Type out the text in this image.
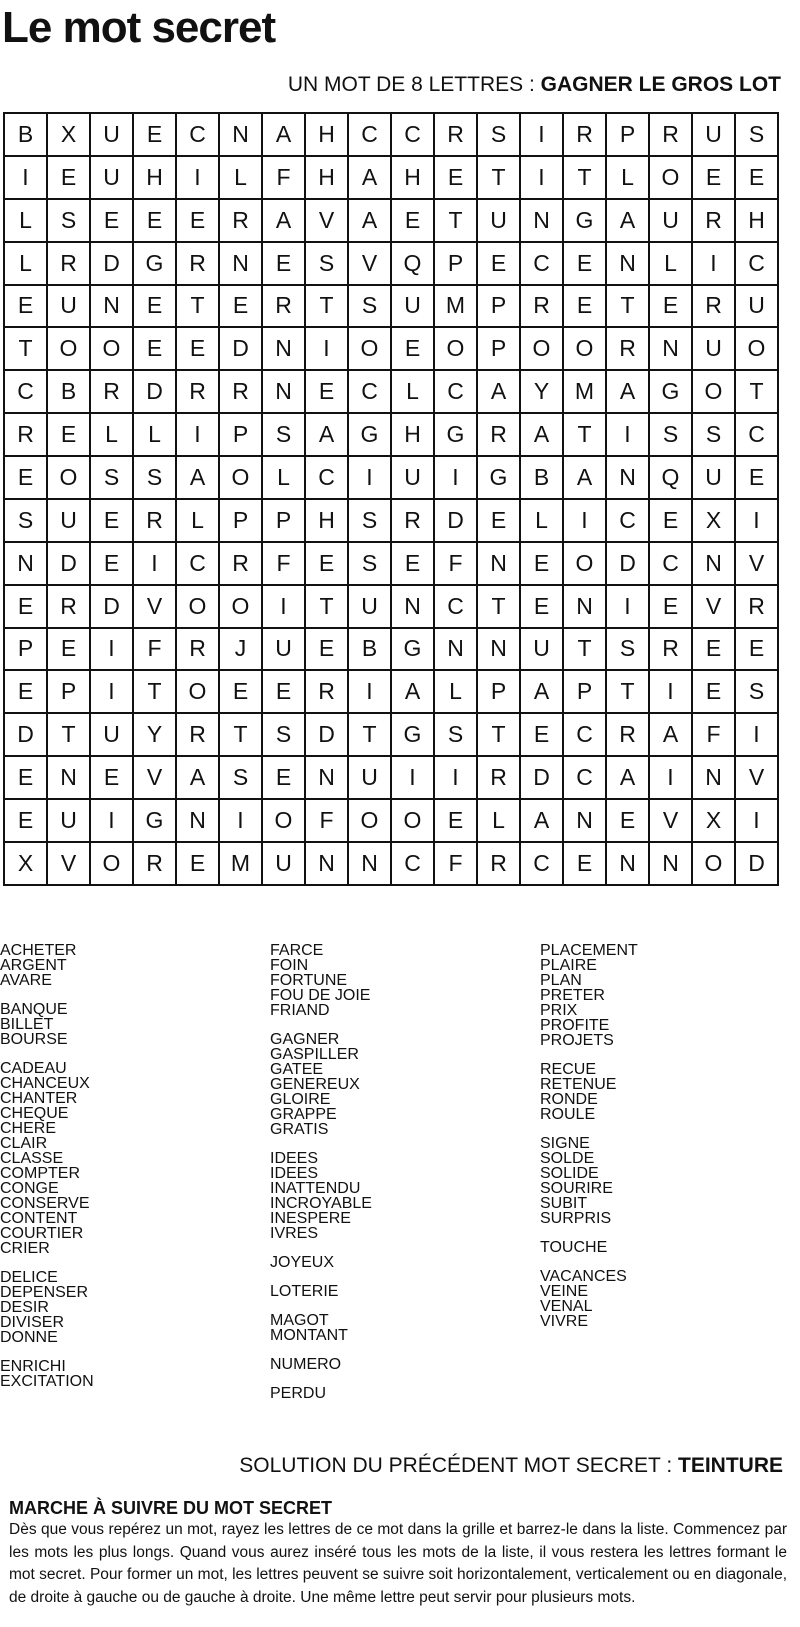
Le mot secret
UN MOT DE 8 LETTRES : GAGNER LE GROS LOT
B	X	U	E	C	N	A	H	C	C	R	S	I	R	P	R	U	S
I	E	U	H	I	L	F	H	A	H	E	T	I	T	L	O	E	E
L	S	E	E	E	R	A	V	A	E	T	U	N	G	A	U	R	H
L	R	D	G	R	N	E	S	V	Q	P	E	C	E	N	L	I	C
E	U	N	E	T	E	R	T	S	U	M	P	R	E	T	E	R	U
T	O	O	E	E	D	N	I	O	E	O	P	O	O	R	N	U	O
C	B	R	D	R	R	N	E	C	L	C	A	Y	M	A	G	O	T
R	E	L	L	I	P	S	A	G	H	G	R	A	T	I	S	S	C
E	O	S	S	A	O	L	C	I	U	I	G	B	A	N	Q	U	E
S	U	E	R	L	P	P	H	S	R	D	E	L	I	C	E	X	I
N	D	E	I	C	R	F	E	S	E	F	N	E	O	D	C	N	V
E	R	D	V	O	O	I	T	U	N	C	T	E	N	I	E	V	R
P	E	I	F	R	J	U	E	B	G	N	N	U	T	S	R	E	E
E	P	I	T	O	E	E	R	I	A	L	P	A	P	T	I	E	S
D	T	U	Y	R	T	S	D	T	G	S	T	E	C	R	A	F	I
E	N	E	V	A	S	E	N	U	I	I	R	D	C	A	I	N	V
E	U	I	G	N	I	O	F	O	O	E	L	A	N	E	V	X	I
X	V	O	R	E	M	U	N	N	C	F	R	C	E	N	N	O	D
ACHETER
ARGENT
AVARE
BANQUE
BILLET
BOURSE
CADEAU
CHANCEUX
CHANTER
CHEQUE
CHERE
CLAIR
CLASSE
COMPTER
CONGE
CONSERVE
CONTENT
COURTIER
CRIER
DELICE
DEPENSER
DESIR
DIVISER
DONNE
ENRICHI
EXCITATION
FARCE
FOIN
FORTUNE
FOU DE JOIE
FRIAND
GAGNER
GASPILLER
GATEE
GENEREUX
GLOIRE
GRAPPE
GRATIS
IDEES
IDEES
INATTENDU
INCROYABLE
INESPERE
IVRES
JOYEUX
LOTERIE
MAGOT
MONTANT
NUMERO
PERDU
PLACEMENT
PLAIRE
PLAN
PRETER
PRIX
PROFITE
PROJETS
RECUE
RETENUE
RONDE
ROULE
SIGNE
SOLDE
SOLIDE
SOURIRE
SUBIT
SURPRIS
TOUCHE
VACANCES
VEINE
VENAL
VIVRE
SOLUTION DU PRÉCÉDENT MOT SECRET : TEINTURE
MARCHE À SUIVRE DU MOT SECRET

Dès que vous repérez un mot, rayez les lettres de ce mot dans la grille et barrez-le dans la liste. Commencez par les mots les plus longs. Quand vous aurez inséré tous les mots de la liste, il vous restera les lettres formant le mot secret. Pour former un mot, les lettres peuvent se suivre soit horizontalement, verticalement ou en diagonale, de droite à gauche ou de gauche à droite. Une même lettre peut servir pour plusieurs mots.
